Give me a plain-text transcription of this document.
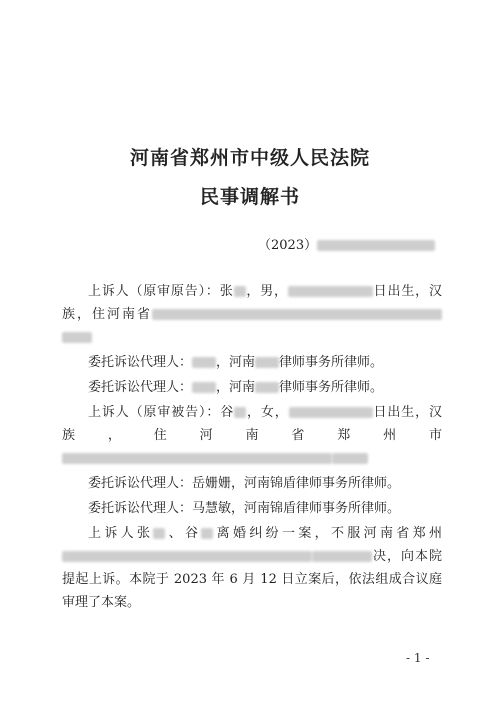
河南省郑州市中级人民法院
民事调解书
（2023）

上诉人（原审原告）：张 ，男，	日出生，汉族，住河南省

委托诉讼代理人： ，河南 律师事务所律师。

委托诉讼代理人： ，河南 律师事务所律师。

上诉人（原审被告）：谷 ，女，	日出生，汉族，住河南省郑州市

委托诉讼代理人：岳姗姗，河南锦盾律师事务所律师。

委托诉讼代理人：马慧敏，河南锦盾律师事务所律师。

上诉人张 、谷 离婚纠纷一案，不服河南省郑州决，向本院提起上诉。本院于 2023 年 6 月 12 日立案后，依法组成合议庭审理了本案。

- 1 -
